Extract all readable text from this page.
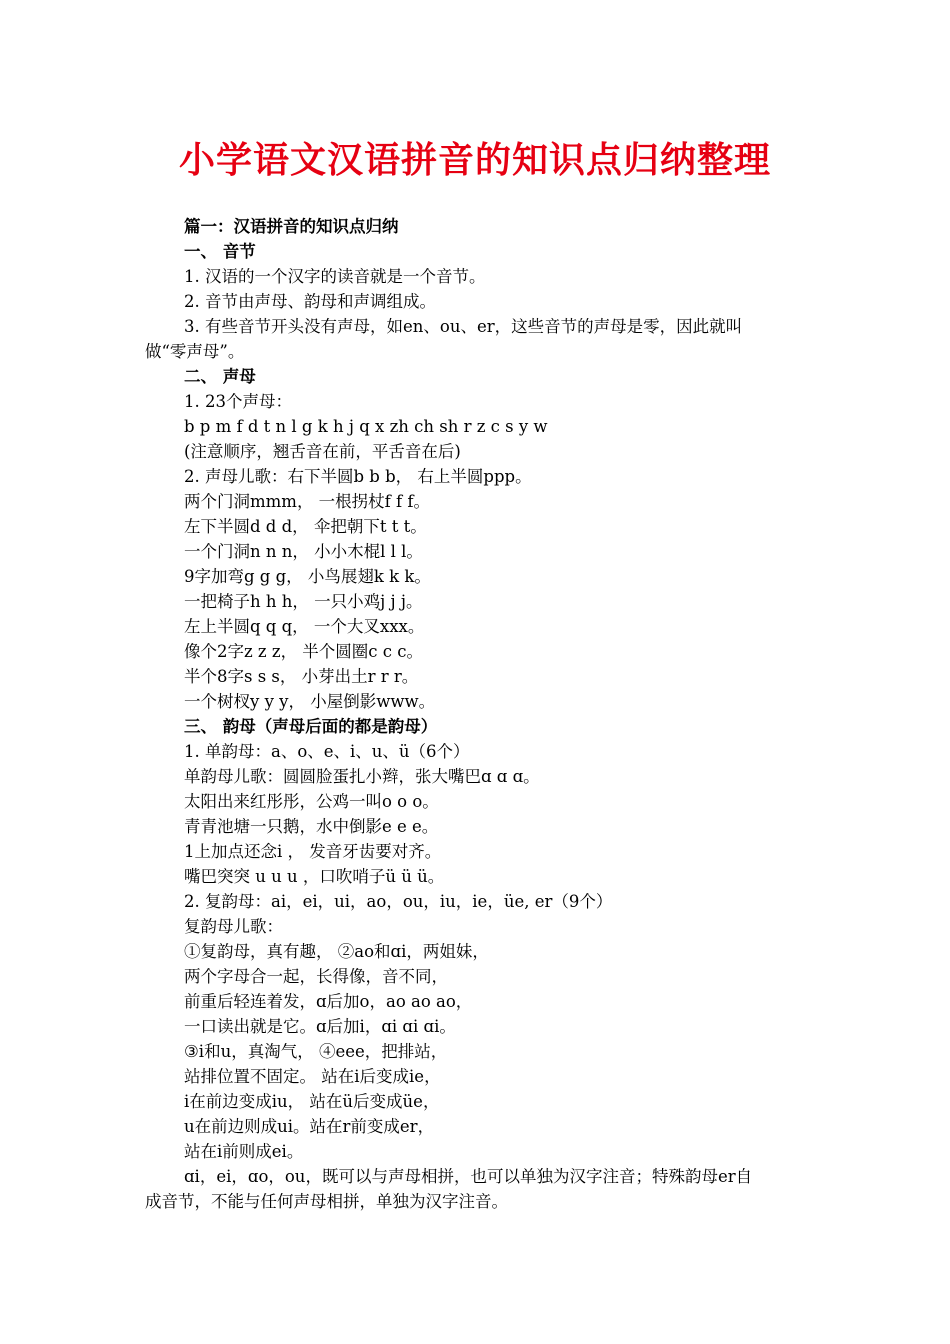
小学语文汉语拼音的知识点归纳整理
篇一：汉语拼音的知识点归纳
一、 音节
1. 汉语的一个汉字的读音就是一个音节。
2. 音节由声母、韵母和声调组成。
3. 有些音节开头没有声母，如en、ou、er，这些音节的声母是零，因此就叫
做“零声母”。
二、 声母
1. 23个声母：
b p m f d t n l g k h j q x zh ch sh r z c s y w
(注意顺序，翘舌音在前，平舌音在后)
2. 声母儿歌：右下半圆b b b， 右上半圆ppp。
两个门洞mmm， 一根拐杖f f f。
左下半圆d d d， 伞把朝下t t t。
一个门洞n n n， 小小木棍l l l。
9字加弯g g g， 小鸟展翅k k k。
一把椅子h h h， 一只小鸡j j j。
左上半圆q q q， 一个大叉xxx。
像个2字z z z， 半个圆圈c c c。
半个8字s s s， 小芽出土r r r。
一个树杈y y y， 小屋倒影www。
三、 韵母（声母后面的都是韵母）
1. 单韵母：a、o、e、i、u、ü（6个）
单韵母儿歌：圆圆脸蛋扎小辫，张大嘴巴ɑ ɑ ɑ。
太阳出来红彤彤，公鸡一叫o o o。
青青池塘一只鹅，水中倒影e e e。
1上加点还念i ， 发音牙齿要对齐。
嘴巴突突 u u u ，口吹哨子ü ü ü。
2. 复韵母：ai，ei，ui，ao，ou，iu，ie，üe, er（9个）
复韵母儿歌：
①复韵母，真有趣， ②ao和ɑi，两姐妹，
两个字母合一起，长得像，音不同，
前重后轻连着发，ɑ后加o，ao ao ao，
一口读出就是它。ɑ后加i，ɑi ɑi ɑi。
③i和u，真淘气， ④eee，把排站，
站排位置不固定。 站在i后变成ie，
i在前边变成iu， 站在ü后变成üe，
u在前边则成ui。站在r前变成er，
站在i前则成ei。
ɑi，ei，ɑo，ou，既可以与声母相拼，也可以单独为汉字注音；特殊韵母er自
成音节，不能与任何声母相拼，单独为汉字注音。
